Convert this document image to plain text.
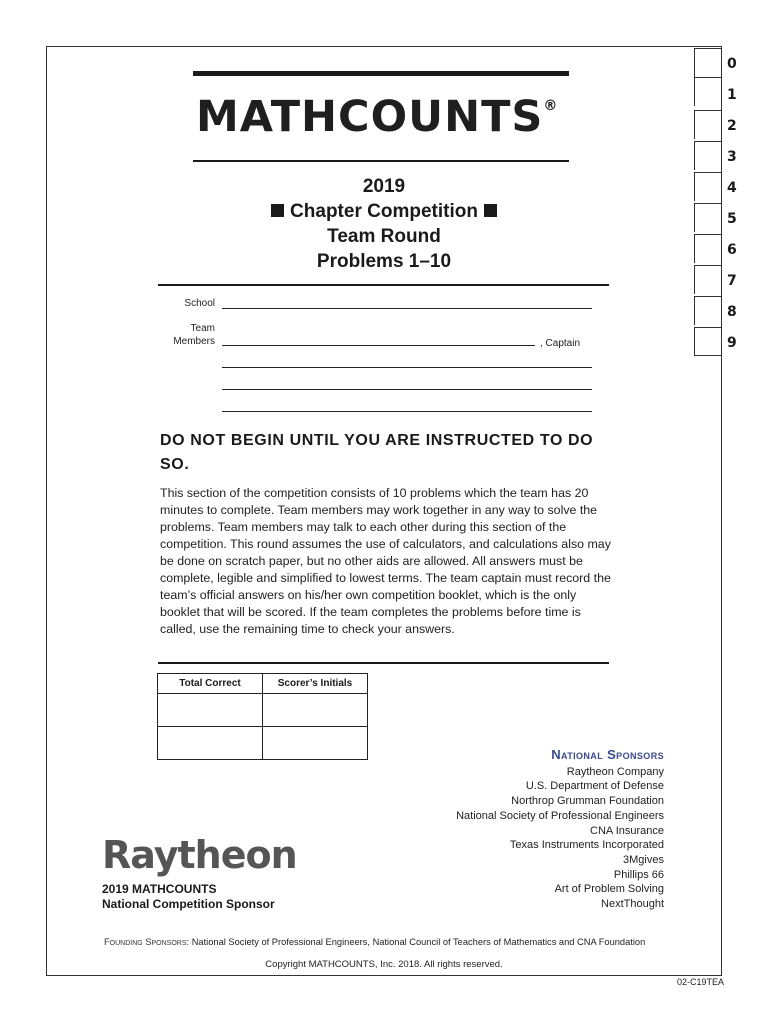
0
1
2
3
4
5
6
7
8
9
MATHCOUNTS®
2019
Chapter Competition
Team Round
Problems 1–10
School
Team
Members	, Captain
DO NOT BEGIN UNTIL YOU ARE INSTRUCTED TO DO SO.
This section of the competition consists of 10 problems which the team has 20 minutes to complete. Team members may work together in any way to solve the problems. Team members may talk to each other during this section of the competition. This round assumes the use of calculators, and calculations also may be done on scratch paper, but no other aids are allowed. All answers must be complete, legible and simplified to lowest terms. The team captain must record the team’s official answers on his/her own competition booklet, which is the only booklet that will be scored. If the team completes the problems before time is called, use the remaining time to check your answers.
Total Correct	Scorer’s Initials

National Sponsors
Raytheon Company
U.S. Department of Defense
Northrop Grumman Foundation
National Society of Professional Engineers
CNA Insurance
Texas Instruments Incorporated
3Mgives
Phillips 66
Art of Problem Solving
NextThought
Raytheon
2019 MATHCOUNTS
National Competition Sponsor
Founding Sponsors: National Society of Professional Engineers, National Council of Teachers of Mathematics and CNA Foundation
Copyright MATHCOUNTS, Inc. 2018. All rights reserved.
02-C19TEA
